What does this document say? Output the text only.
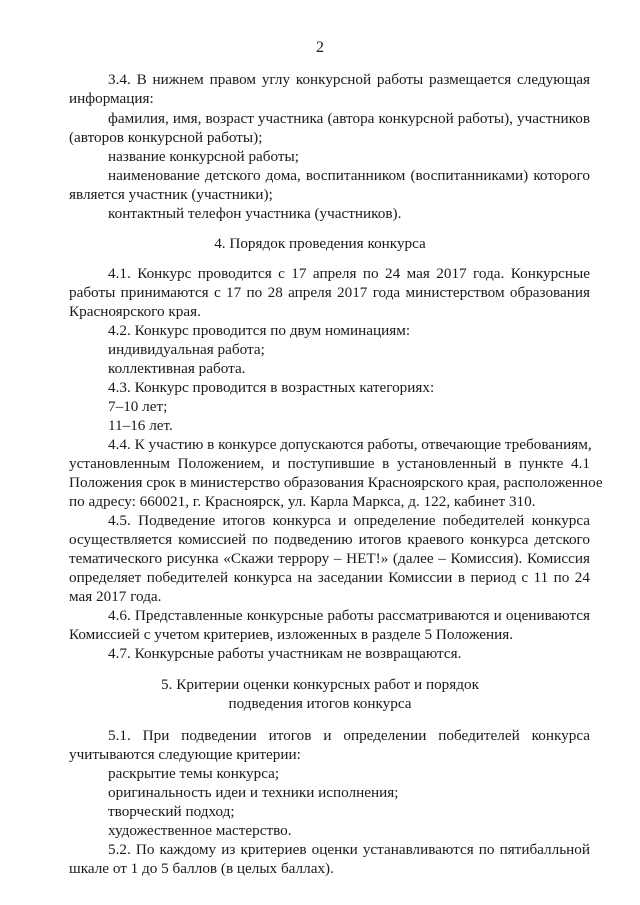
2
3.4. В нижнем правом углу конкурсной работы размещается следующая
информация:
фамилия, имя, возраст участника (автора конкурсной работы), участников
(авторов конкурсной работы);
название конкурсной работы;
наименование детского дома, воспитанником (воспитанниками) которого
является участник (участники);
контактный телефон участника (участников).
4. Порядок проведения конкурса
4.1. Конкурс проводится с 17 апреля по 24 мая 2017 года. Конкурсные
работы принимаются с 17 по 28 апреля 2017 года министерством образования
Красноярского края.
4.2. Конкурс проводится по двум номинациям:
индивидуальная работа;
коллективная работа.
4.3. Конкурс проводится в возрастных категориях:
7–10 лет;
11–16 лет.
4.4. К участию в конкурсе допускаются работы, отвечающие требованиям,
установленным Положением, и поступившие в установленный в пункте 4.1
Положения срок в министерство образования Красноярского края, расположенное
по адресу: 660021, г. Красноярск, ул. Карла Маркса, д. 122, кабинет 310.
4.5. Подведение итогов конкурса и определение победителей конкурса
осуществляется комиссией по подведению итогов краевого конкурса детского
тематического рисунка «Скажи террору – НЕТ!» (далее – Комиссия). Комиссия
определяет победителей конкурса на заседании Комиссии в период с 11 по 24
мая 2017 года.
4.6. Представленные конкурсные работы рассматриваются и оцениваются
Комиссией с учетом критериев, изложенных в разделе 5 Положения.
4.7. Конкурсные работы участникам не возвращаются.
5. Критерии оценки конкурсных работ и порядок
подведения итогов конкурса
5.1. При подведении итогов и определении победителей конкурса
учитываются следующие критерии:
раскрытие темы конкурса;
оригинальность идеи и техники исполнения;
творческий подход;
художественное мастерство.
5.2. По каждому из критериев оценки устанавливаются по пятибалльной
шкале от 1 до 5 баллов (в целых баллах).
